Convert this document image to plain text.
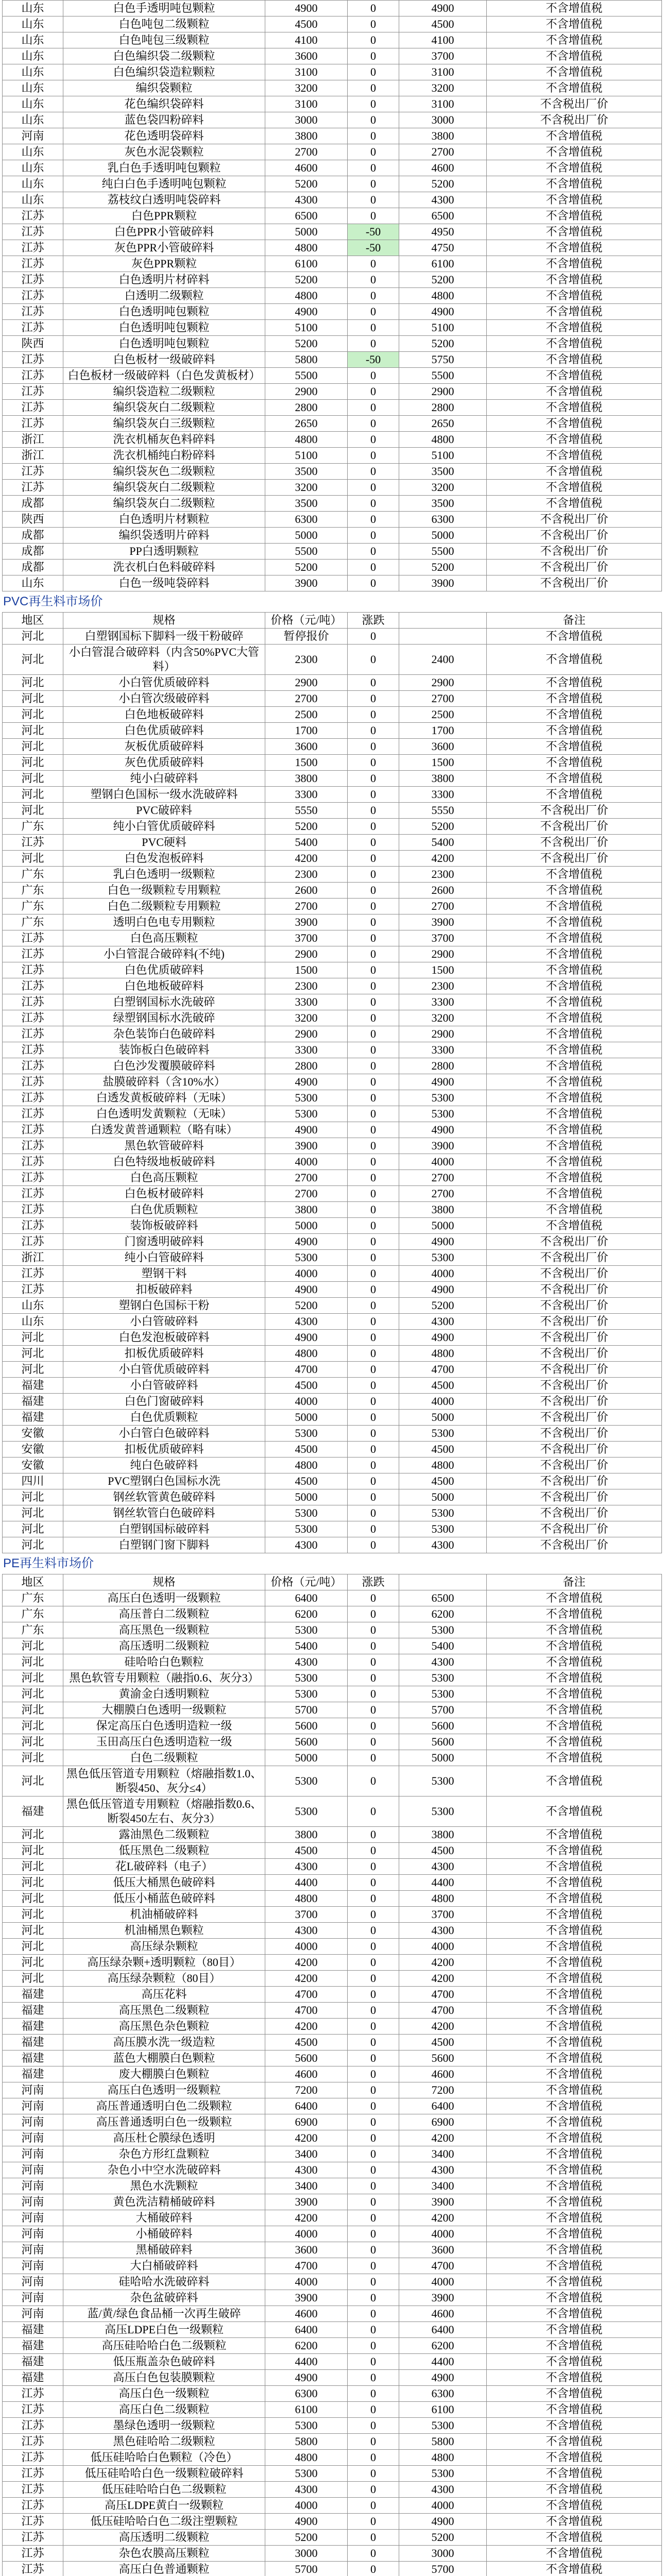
山东	白色手透明吨包颗粒	4900	0	4900	不含增值税
山东	白色吨包二级颗粒	4500	0	4500	不含增值税
山东	白色吨包三级颗粒	4100	0	4100	不含增值税
山东	白色编织袋二级颗粒	3600	0	3700	不含增值税
山东	白色编织袋造粒颗粒	3100	0	3100	不含增值税
山东	编织袋颗粒	3200	0	3200	不含增值税
山东	花色编织袋碎料	3100	0	3100	不含税出厂价
山东	蓝色袋四粉碎料	3000	0	3000	不含税出厂价
河南	花色透明袋碎料	3800	0	3800	不含增值税
山东	灰色水泥袋颗粒	2700	0	2700	不含增值税
山东	乳白色手透明吨包颗粒	4600	0	4600	不含增值税
山东	纯白白色手透明吨包颗粒	5200	0	5200	不含增值税
山东	荔枝纹白透明吨袋碎料	4300	0	4300	不含增值税
江苏	白色PPR颗粒	6500	0	6500	不含增值税
江苏	白色PPR小管破碎料	5000	-50	4950	不含增值税
江苏	灰色PPR小管破碎料	4800	-50	4750	不含增值税
江苏	灰色PPR颗粒	6100	0	6100	不含增值税
江苏	白色透明片材碎料	5200	0	5200	不含增值税
江苏	白透明二级颗粒	4800	0	4800	不含增值税
江苏	白色透明吨包颗粒	4900	0	4900	不含增值税
江苏	白色透明吨包颗粒	5100	0	5100	不含增值税
陕西	白色透明吨包颗粒	5200	0	5200	不含增值税
江苏	白色板材一级破碎料	5800	-50	5750	不含增值税
江苏	白色板材一级破碎料（白色发黄板材）	5500	0	5500	不含增值税
江苏	编织袋造粒二级颗粒	2900	0	2900	不含增值税
江苏	编织袋灰白二级颗粒	2800	0	2800	不含增值税
江苏	编织袋灰白三级颗粒	2650	0	2650	不含增值税
浙江	洗衣机桶灰色料碎料	4800	0	4800	不含增值税
浙江	洗衣机桶纯白粉碎料	5100	0	5100	不含增值税
江苏	编织袋灰色二级颗粒	3500	0	3500	不含增值税
江苏	编织袋灰白二级颗粒	3200	0	3200	不含增值税
成都	编织袋灰白二级颗粒	3500	0	3500	不含增值税
陕西	白色透明片材颗粒	6300	0	6300	不含税出厂价
成都	编织袋透明片碎料	5000	0	5000	不含税出厂价
成都	PP白透明颗粒	5500	0	5500	不含税出厂价
成都	洗衣机白色料破碎料	5200	0	5200	不含税出厂价
山东	白色一级吨袋碎料	3900	0	3900	不含税出厂价
PVC再生料市场价
地区	规格	价格（元/吨）	涨跌		备注
河北	白塑钢国标下脚料一级干粉破碎	暂停报价	0		不含增值税
河北	小白管混合破碎料（内含50%PVC大管料）	2300	0	2400	不含增值税
河北	小白管优质破碎料	2900	0	2900	不含增值税
河北	小白管次级破碎料	2700	0	2700	不含增值税
河北	白色地板破碎料	2500	0	2500	不含增值税
河北	白色优质破碎料	1700	0	1700	不含增值税
河北	灰板优质破碎料	3600	0	3600	不含增值税
河北	灰色优质破碎料	1500	0	1500	不含增值税
河北	纯小白破碎料	3800	0	3800	不含增值税
河北	塑钢白色国标一级水洗破碎料	3300	0	3300	不含增值税
河北	PVC破碎料	5550	0	5550	不含税出厂价
广东	纯小白管优质破碎料	5200	0	5200	不含税出厂价
江苏	PVC硬料	5400	0	5400	不含税出厂价
河北	白色发泡板碎料	4200	0	4200	不含税出厂价
广东	乳白色透明一级颗粒	2300	0	2300	不含增值税
广东	白色一级颗粒专用颗粒	2600	0	2600	不含增值税
广东	白色二级颗粒专用颗粒	2700	0	2700	不含增值税
广东	透明白色电专用颗粒	3900	0	3900	不含增值税
江苏	白色高压颗粒	3700	0	3700	不含增值税
江苏	小白管混合破碎料(不纯)	2900	0	2900	不含增值税
江苏	白色优质破碎料	1500	0	1500	不含增值税
江苏	白色地板破碎料	2300	0	2300	不含增值税
江苏	白塑钢国标水洗破碎	3300	0	3300	不含增值税
江苏	绿塑钢国标水洗破碎	3200	0	3200	不含增值税
江苏	杂色装饰白色破碎料	2900	0	2900	不含增值税
江苏	装饰板白色破碎料	3300	0	3300	不含增值税
江苏	白色沙发覆膜破碎料	2800	0	2800	不含增值税
江苏	盐膜破碎料（含10%水）	4900	0	4900	不含增值税
江苏	白透发黄板破碎料（无味）	5300	0	5300	不含增值税
江苏	白色透明发黄颗粒（无味）	5300	0	5300	不含增值税
江苏	白透发黄普通颗粒（略有味）	4900	0	4900	不含增值税
江苏	黑色软管破碎料	3900	0	3900	不含增值税
江苏	白色特级地板破碎料	4000	0	4000	不含增值税
江苏	白色高压颗粒	2700	0	2700	不含增值税
江苏	白色板材破碎料	2700	0	2700	不含增值税
江苏	白色优质颗粒	3800	0	3800	不含增值税
江苏	装饰板破碎料	5000	0	5000	不含增值税
江苏	门窗透明破碎料	4900	0	4900	不含税出厂价
浙江	纯小白管破碎料	5300	0	5300	不含税出厂价
江苏	塑钢干料	4000	0	4000	不含税出厂价
江苏	扣板破碎料	4900	0	4900	不含税出厂价
山东	塑钢白色国标干粉	5200	0	5200	不含税出厂价
山东	小白管破碎料	4300	0	4300	不含税出厂价
河北	白色发泡板破碎料	4900	0	4900	不含税出厂价
河北	扣板优质破碎料	4800	0	4800	不含税出厂价
河北	小白管优质破碎料	4700	0	4700	不含税出厂价
福建	小白管破碎料	4500	0	4500	不含税出厂价
福建	白色门窗破碎料	4000	0	4000	不含税出厂价
福建	白色优质颗粒	5000	0	5000	不含税出厂价
安徽	小白管白色破碎料	5300	0	5300	不含税出厂价
安徽	扣板优质破碎料	4500	0	4500	不含税出厂价
安徽	纯白色破碎料	4800	0	4800	不含税出厂价
四川	PVC塑钢白色国标水洗	4500	0	4500	不含税出厂价
河北	钢丝软管黄色破碎料	5000	0	5000	不含税出厂价
河北	钢丝软管白色破碎料	5300	0	5300	不含税出厂价
河北	白塑钢国标破碎料	5300	0	5300	不含税出厂价
河北	白塑钢门窗下脚料	4300	0	4300	不含税出厂价
PE再生料市场价
地区	规格	价格（元/吨）	涨跌		备注
广东	高压白色透明一级颗粒	6400	0	6500	不含增值税
广东	高压普白二级颗粒	6200	0	6200	不含增值税
广东	高压黑色一级颗粒	5300	0	5300	不含增值税
河北	高压透明二级颗粒	5400	0	5400	不含增值税
河北	硅哈哈白色颗粒	4300	0	4300	不含增值税
河北	黑色软管专用颗粒（融指0.6、灰分3）	5300	0	5300	不含增值税
河北	黄渝金白透明颗粒	5300	0	5300	不含增值税
河北	大棚膜白色透明一级颗粒	5700	0	5700	不含增值税
河北	保定高压白色透明造粒一级	5600	0	5600	不含增值税
河北	玉田高压白色透明造粒一级	5600	0	5600	不含增值税
河北	白色二级颗粒	5000	0	5000	不含增值税
河北	黑色低压管道专用颗粒（熔融指数1.0、断裂450、灰分≤4）	5300	0	5300	不含增值税
福建	黑色低压管道专用颗粒（熔融指数0.6、断裂450左右、灰分3）	5300	0	5300	不含增值税
河北	露油黑色二级颗粒	3800	0	3800	不含增值税
河北	低压黑色二级颗粒	4500	0	4500	不含增值税
河北	花L破碎料（电子）	4300	0	4300	不含增值税
河北	低压大桶黑色破碎料	4400	0	4400	不含增值税
河北	低压小桶蓝色破碎料	4800	0	4800	不含增值税
河北	机油桶破碎料	3700	0	3700	不含增值税
河北	机油桶黑色颗粒	4300	0	4300	不含增值税
河北	高压绿杂颗粒	4000	0	4000	不含增值税
河北	高压绿杂颗+透明颗粒（80目）	4200	0	4200	不含增值税
河北	高压绿杂颗粒（80目）	4200	0	4200	不含增值税
福建	高压花料	4700	0	4700	不含增值税
福建	高压黑色二级颗粒	4700	0	4700	不含增值税
福建	高压黑色杂色颗粒	4200	0	4200	不含增值税
福建	高压膜水洗一级造粒	4500	0	4500	不含增值税
福建	蓝色大棚膜白色颗粒	5600	0	5600	不含增值税
福建	废大棚膜白色颗粒	4600	0	4600	不含增值税
河南	高压白色透明一级颗粒	7200	0	7200	不含增值税
河南	高压普通透明白色二级颗粒	6400	0	6400	不含增值税
河南	高压普通透明白色一级颗粒	6900	0	6900	不含增值税
河南	高压杜仑膜绿色透明	4200	0	4200	不含增值税
河南	杂色方形红盘颗粒	3400	0	3400	不含增值税
河南	杂色小中空水洗破碎料	4300	0	4300	不含增值税
河南	黑色水洗颗粒	3400	0	3400	不含增值税
河南	黄色洗洁精桶破碎料	3900	0	3900	不含增值税
河南	大桶破碎料	4200	0	4200	不含增值税
河南	小桶破碎料	4000	0	4000	不含增值税
河南	黑桶破碎料	3600	0	3600	不含增值税
河南	大白桶破碎料	4700	0	4700	不含增值税
河南	硅哈哈水洗破碎料	4000	0	4000	不含增值税
河南	杂色盆破碎料	3900	0	3900	不含增值税
河南	蓝/黄/绿色食品桶一次再生破碎	4600	0	4600	不含增值税
福建	高压LDPE白色一级颗粒	6400	0	6400	不含增值税
福建	高压硅哈哈白色二级颗粒	6200	0	6200	不含增值税
福建	低压瓶盖杂色破碎料	4400	0	4400	不含增值税
福建	高压白色包装膜颗粒	4900	0	4900	不含增值税
江苏	高压白色一级颗粒	6300	0	6300	不含增值税
江苏	高压白色二级颗粒	6100	0	6100	不含增值税
江苏	墨绿色透明一级颗粒	5300	0	5300	不含增值税
江苏	黑色硅哈哈二级颗粒	5800	0	5800	不含增值税
江苏	低压硅哈哈白色颗粒（冷色）	4800	0	4800	不含增值税
江苏	低压硅哈哈白色一级颗粒破碎料	5300	0	5300	不含增值税
江苏	低压硅哈哈白色二级颗粒	4300	0	4300	不含增值税
江苏	高压LDPE黄白一级颗粒	4000	0	4000	不含增值税
江苏	低压硅哈哈白色二级注塑颗粒	4900	0	4900	不含增值税
江苏	高压透明二级颗粒	5200	0	5200	不含增值税
江苏	杂色农膜高压颗粒	3000	0	3000	不含增值税
江苏	高压白色普通颗粒	5700	0	5700	不含增值税
